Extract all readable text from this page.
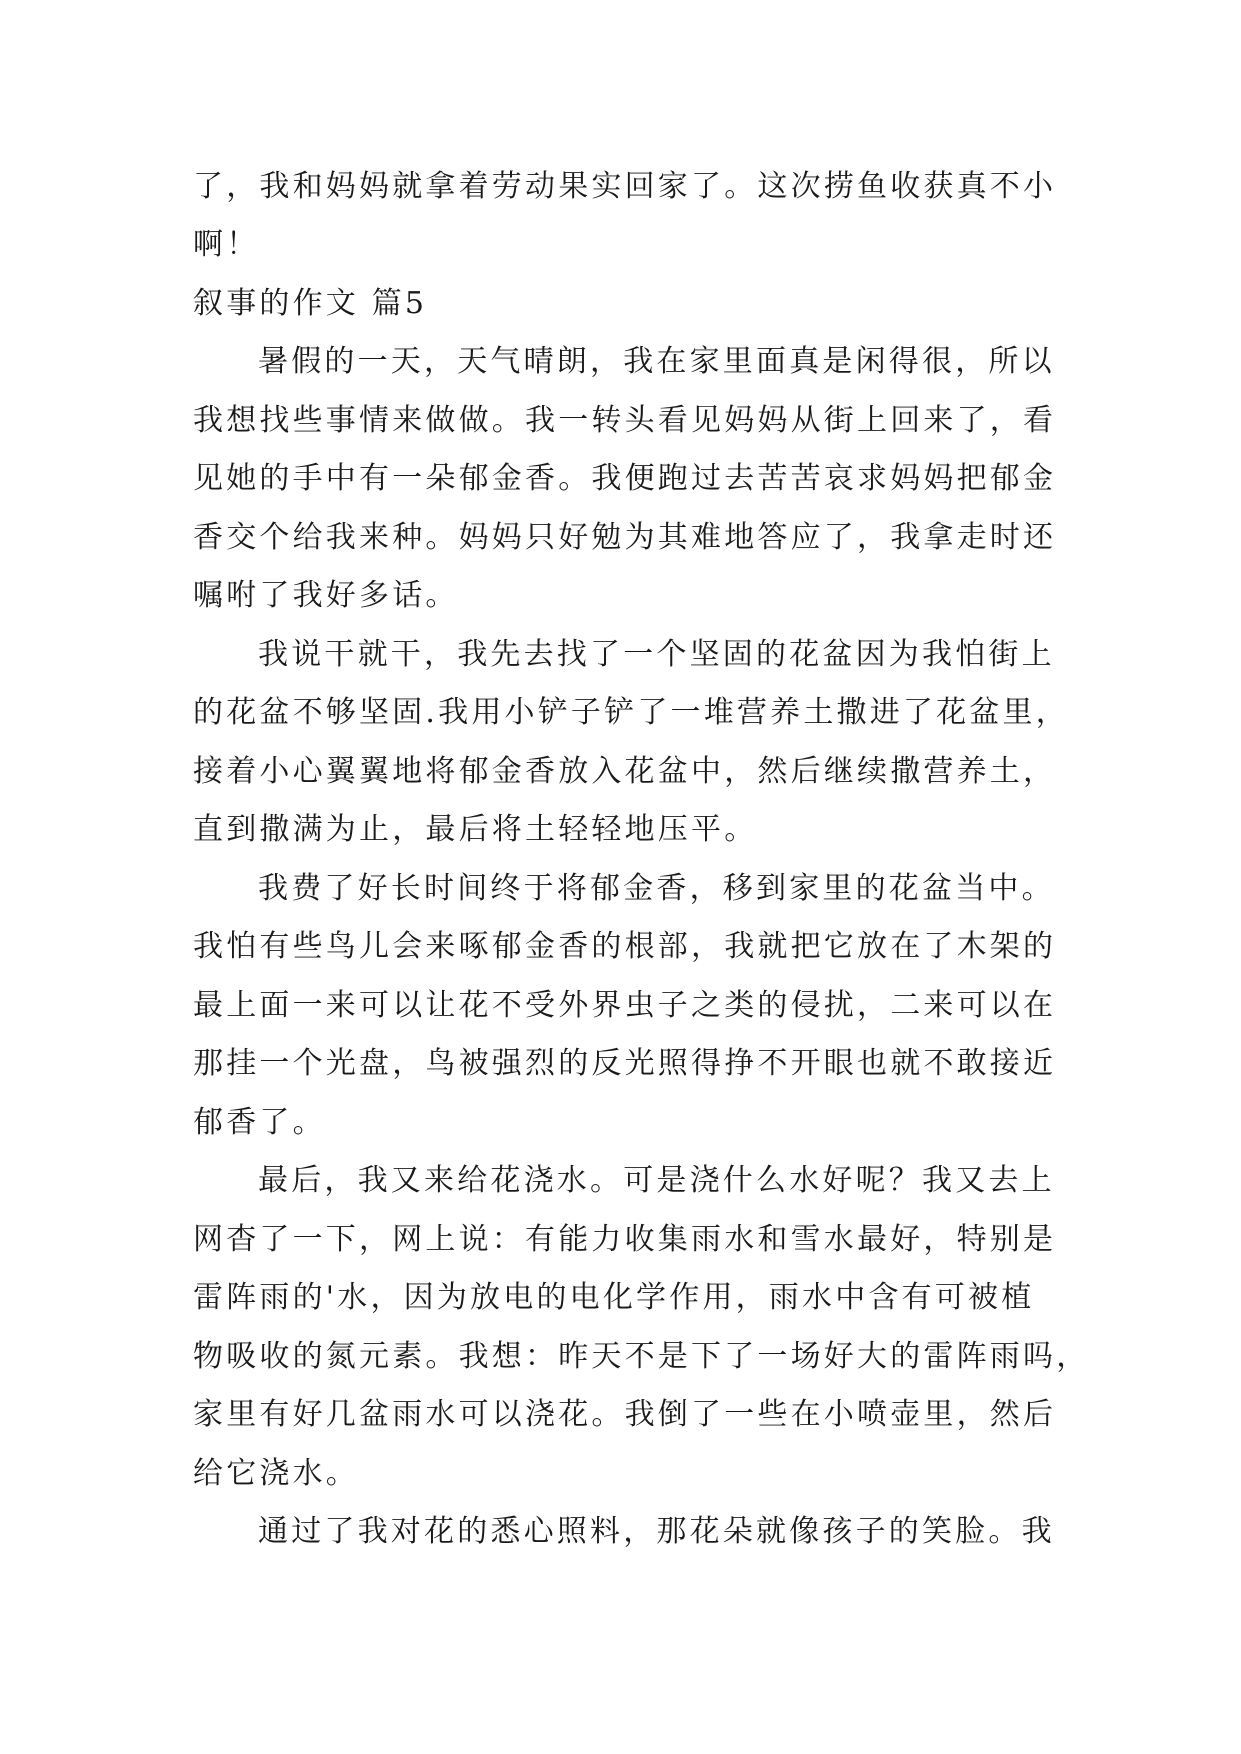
了，我和妈妈就拿着劳动果实回家了。这次捞鱼收获真不小
啊！
叙事的作文 篇5
暑假的一天，天气晴朗，我在家里面真是闲得很，所以
我想找些事情来做做。我一转头看见妈妈从街上回来了，看
见她的手中有一朵郁金香。我便跑过去苦苦哀求妈妈把郁金
香交个给我来种。妈妈只好勉为其难地答应了，我拿走时还
嘱咐了我好多话。
我说干就干，我先去找了一个坚固的花盆因为我怕街上
的花盆不够坚固.我用小铲子铲了一堆营养土撒进了花盆里，
接着小心翼翼地将郁金香放入花盆中，然后继续撒营养土，
直到撒满为止，最后将土轻轻地压平。
我费了好长时间终于将郁金香，移到家里的花盆当中。
我怕有些鸟儿会来啄郁金香的根部，我就把它放在了木架的
最上面一来可以让花不受外界虫子之类的侵扰，二来可以在
那挂一个光盘，鸟被强烈的反光照得挣不开眼也就不敢接近
郁香了。
最后，我又来给花浇水。可是浇什么水好呢？我又去上
网杳了一下，网上说：有能力收集雨水和雪水最好，特别是
雷阵雨的'水，因为放电的电化学作用，雨水中含有可被植
物吸收的氮元素。我想：昨天不是下了一场好大的雷阵雨吗，
家里有好几盆雨水可以浇花。我倒了一些在小喷壶里，然后
给它浇水。
通过了我对花的悉心照料，那花朵就像孩子的笑脸。我
